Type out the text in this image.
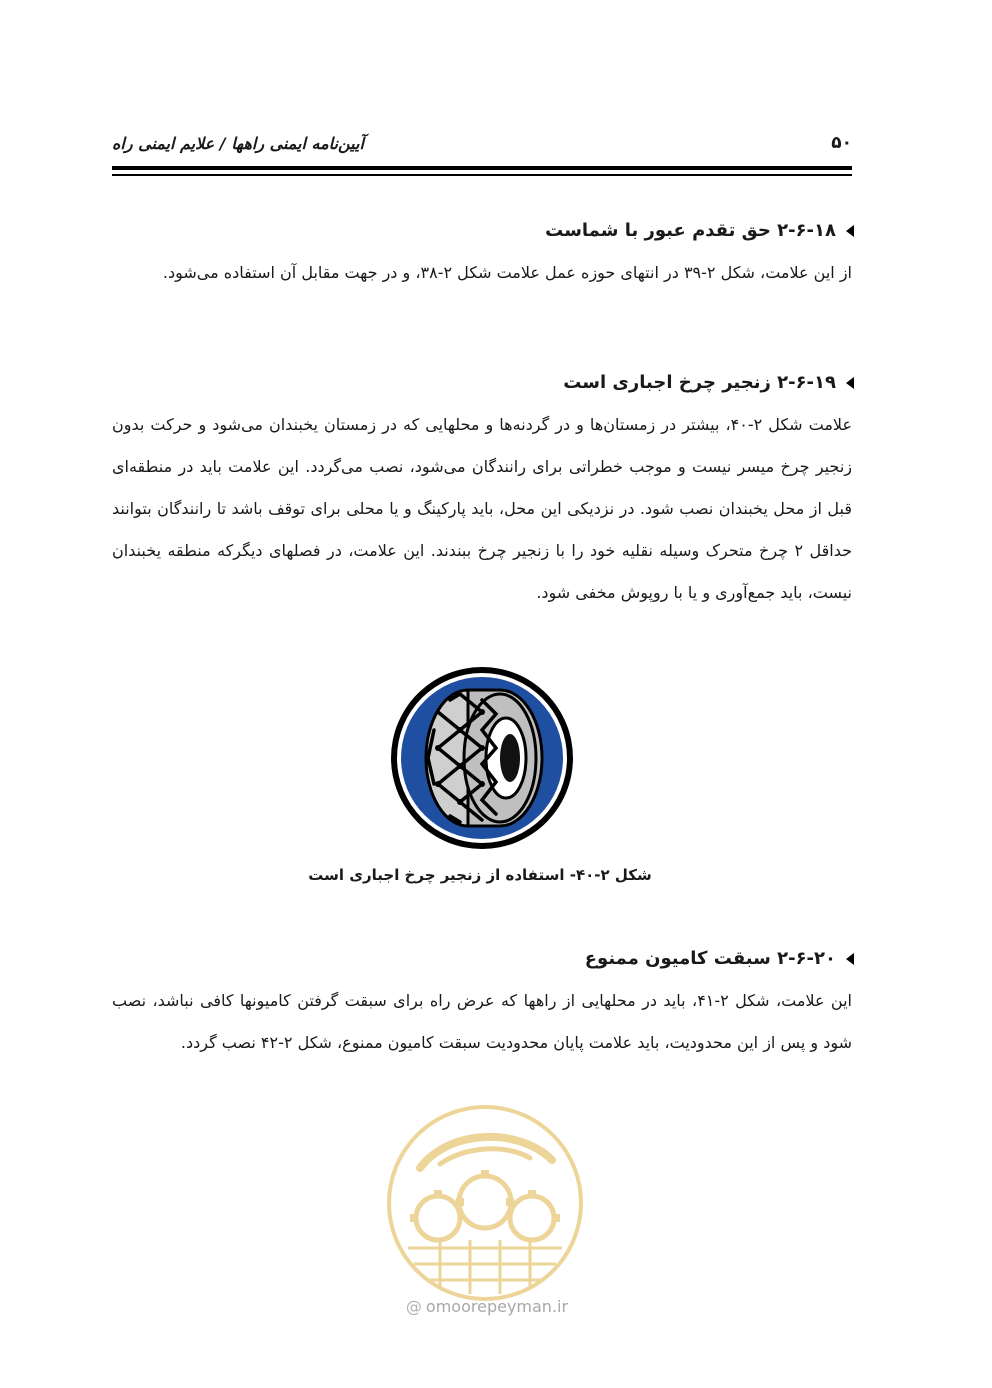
۵۰
آیین‌نامه ایمنی راهها / علایم ایمنی راه
۲-۶-۱۸ حق تقدم عبور با شماست

از این علامت، شکل ۲-۳۹ در انتهای حوزه عمل علامت شکل ۲-۳۸، و در جهت مقابل آن استفاده می‌شود.

۲-۶-۱۹ زنجیر چرخ اجباری است

علامت شکل ۲-۴۰، بیشتر در زمستان‌ها و در گردنه‌ها و محلهایی که در زمستان یخبندان می‌شود و حرکت بدون زنجیر چرخ میسر نیست و موجب خطراتی برای رانندگان می‌شود، نصب می‌گردد. این علامت باید در منطقه‌ای قبل از محل یخبندان نصب شود. در نزدیکی این محل، باید پارکینگ و یا محلی برای توقف باشد تا رانندگان بتوانند حداقل ۲ چرخ متحرک وسیله نقلیه خود را با زنجیر چرخ ببندند. این علامت، در فصلهای دیگرکه منطقه یخبندان نیست، باید جمع‌آوری و یا با روپوش مخفی شود.

شکل ۲-۴۰- استفاده از زنجیر چرخ اجباری است
۲-۶-۲۰ سبقت کامیون ممنوع

این علامت، شکل ۲-۴۱، باید در محلهایی از راهها که عرض راه برای سبقت گرفتن کامیونها کافی نباشد، نصب شود و پس از این محدودیت، باید علامت پایان محدودیت سبقت کامیون ممنوع، شکل ۲-۴۲ نصب گردد.

@ omoorepeyman.ir
